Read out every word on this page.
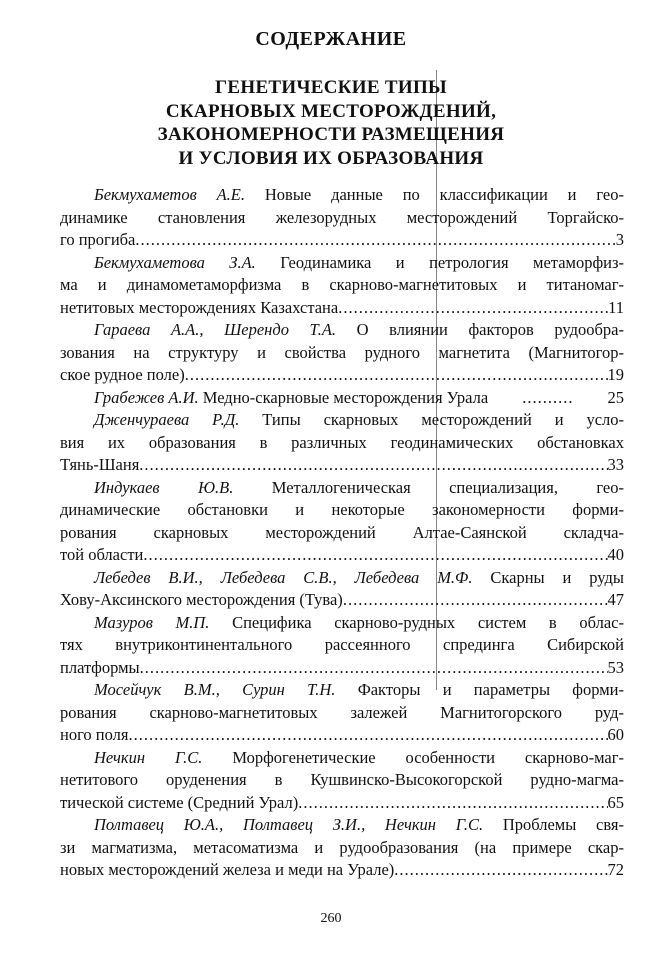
СОДЕРЖАНИЕ
ГЕНЕТИЧЕСКИЕ ТИПЫ
СКАРНОВЫХ МЕСТОРОЖДЕНИЙ,
ЗАКОНОМЕРНОСТИ РАЗМЕЩЕНИЯ
И УСЛОВИЯ ИХ ОБРАЗОВАНИЯ
Бекмухаметов А.Е. Новые данные по классификации и гео-
динамике становления железорудных месторождений Торгайско-
го прогиба .....	3
Бекмухаметова З.А. Геодинамика и петрология метаморфиз-
ма и динамометаморфизма в скарново-магнетитовых и титаномаг-
нетитовых месторождениях Казахстана .....	11
Гараева А.А., Шерендо Т.А. О влиянии факторов рудообра-
зования на структуру и свойства рудного магнетита (Магнитогор-
ское рудное поле) .....	19
Грабежев А.И. Медно-скарновые месторождения Урала .....	25
Дженчураева Р.Д. Типы скарновых месторождений и усло-
вия их образования в различных геодинамических обстановках
Тянь-Шаня .....	33
Индукаев Ю.В. Металлогеническая специализация, гео-
динамические обстановки и некоторые закономерности форми-
рования скарновых месторождений Алтае-Саянской складча-
той области .....	40
Лебедев В.И., Лебедева С.В., Лебедева М.Ф. Скарны и руды
Хову-Аксинского месторождения (Тува) .....	47
Мазуров М.П. Специфика скарново-рудных систем в облас-
тях внутриконтинентального рассеянного спрединга Сибирской
платформы .....	53
Мосейчук В.М., Сурин Т.Н. Факторы и параметры форми-
рования скарново-магнетитовых залежей Магнитогорского руд-
ного поля .....	60
Нечкин Г.С. Морфогенетические особенности скарново-маг-
нетитового оруденения в Кушвинско-Высокогорской рудно-магма-
тической системе (Средний Урал) .....	65
Полтавец Ю.А., Полтавец З.И., Нечкин Г.С. Проблемы свя-
зи магматизма, метасоматизма и рудообразования (на примере скар-
новых месторождений железа и меди на Урале) .....	72
260
